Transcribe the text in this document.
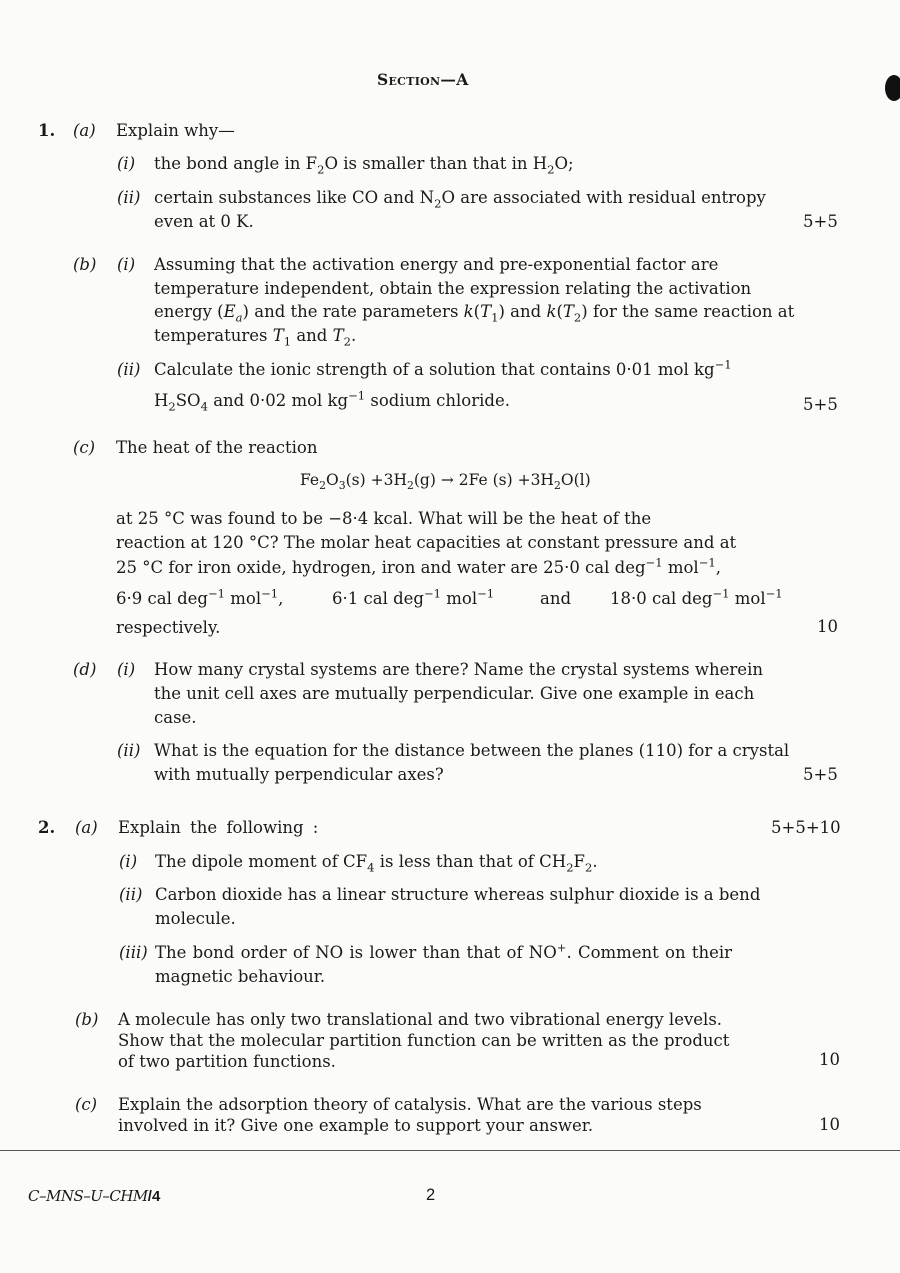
Section—A
1. (a) Explain why—
(i) the bond angle in $F_2O$ is smaller than that in $H_2O$;
(ii) certain substances like CO and $N_2O$ are associated with residual entropy
even at 0 K.	5+5
(b) (i) Assuming that the activation energy and pre-exponential factor are
temperature independent, obtain the expression relating the activation
energy $(E_a)$ and the rate parameters $k(T_1)$ and $k(T_2)$ for the same reaction at
temperatures $T_1$ and $T_2$.
(ii) Calculate the ionic strength of a solution that contains 0·01 mol $kg^{-1}$
$H_2SO_4$ and 0·02 mol $kg^{-1}$ sodium chloride.	5+5
(c) The heat of the reaction
$Fe_2O_3(s) +3H_2(g) \to 2Fe$ $(s) +3H_2O(l)$
at 25 °C was found to be −8·4 kcal. What will be the heat of the
reaction at 120 °C? The molar heat capacities at constant pressure and at
25 °C for iron oxide, hydrogen, iron and water are 25·0 cal deg$^{-1}$ mol$^{-1}$,
6·9 cal deg$^{-1}$ mol$^{-1}$,	6·1 cal deg$^{-1}$ mol$^{-1}$	and 18·0 cal deg$^{-1}$ mol$^{-1}$
respectively.	10
(d) (i) How many crystal systems are there? Name the crystal systems wherein
the unit cell axes are mutually perpendicular. Give one example in each
case.
(ii) What is the equation for the distance between the planes (110) for a crystal
with mutually perpendicular axes?	5+5
2. (a) Explain the following :	5+5+10
(i) The dipole moment of $CF_4$ is less than that of $CH_2F_2$.
(ii) Carbon dioxide has a linear structure whereas sulphur dioxide is a bend
molecule.
(iii) The bond order of NO is lower than that of NO+. Comment on their
magnetic behaviour.
(b) A molecule has only two translational and two vibrational energy levels.
Show that the molecular partition function can be written as the product
of two partition functions.	10
(c) Explain the adsorption theory of catalysis. What are the various steps
involved in it? Give one example to support your answer.	10
C–MNS–U–CHM/4	2
